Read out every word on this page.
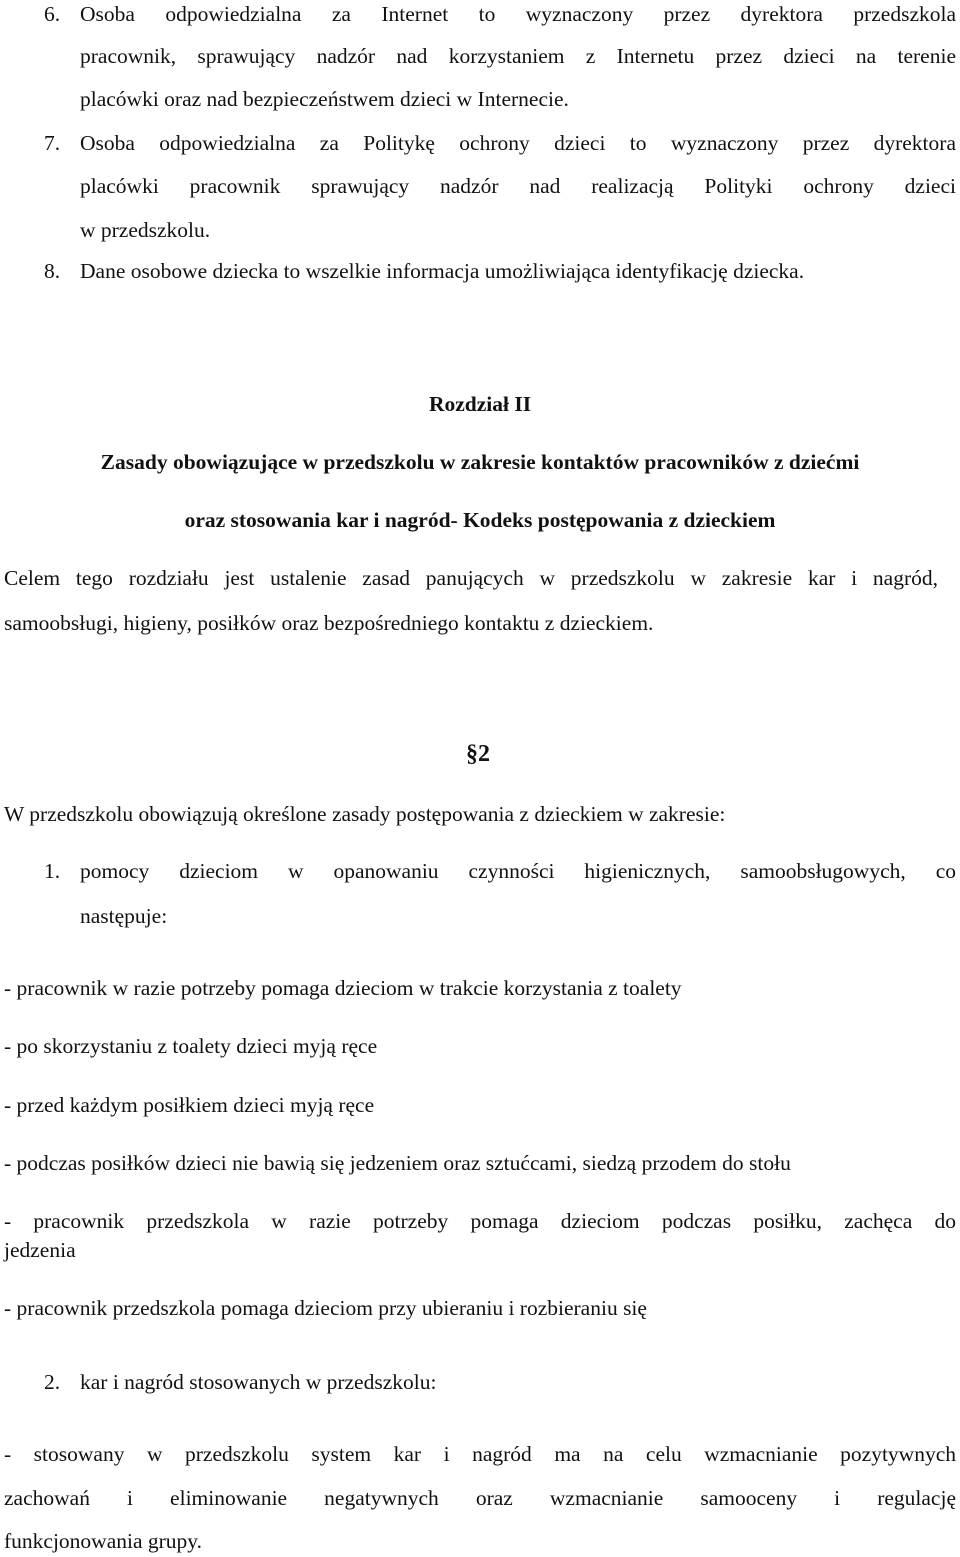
6. Osoba odpowiedzialna za Internet to wyznaczony przez dyrektora przedszkola
pracownik, sprawujący nadzór nad korzystaniem z Internetu przez dzieci na terenie
placówki oraz nad bezpieczeństwem dzieci w Internecie.
7. Osoba odpowiedzialna za Politykę ochrony dzieci to wyznaczony przez dyrektora
placówki pracownik sprawujący nadzór nad realizacją Polityki ochrony dzieci
w przedszkolu.
8. Dane osobowe dziecka to wszelkie informacja umożliwiająca identyfikację dziecka.
Rozdział II
Zasady obowiązujące w przedszkolu w zakresie kontaktów pracowników z dziećmi
oraz stosowania kar i nagród- Kodeks postępowania z dzieckiem
Celem tego rozdziału jest ustalenie zasad panujących w przedszkolu w zakresie kar i nagród,
samoobsługi, higieny, posiłków oraz bezpośredniego kontaktu z dzieckiem.
§2
W przedszkolu obowiązują określone zasady postępowania z dzieckiem w zakresie:
1. pomocy dzieciom w opanowaniu czynności higienicznych, samoobsługowych, co
następuje:
- pracownik w razie potrzeby pomaga dzieciom w trakcie korzystania z toalety
- po skorzystaniu z toalety dzieci myją ręce
- przed każdym posiłkiem dzieci myją ręce
- podczas posiłków dzieci nie bawią się jedzeniem oraz sztućcami, siedzą przodem do stołu
- pracownik przedszkola w razie potrzeby pomaga dzieciom podczas posiłku, zachęca do
jedzenia
- pracownik przedszkola pomaga dzieciom przy ubieraniu i rozbieraniu się
2. kar i nagród stosowanych w przedszkolu:
- stosowany w przedszkolu system kar i nagród ma na celu wzmacnianie pozytywnych
zachowań i eliminowanie negatywnych oraz wzmacnianie samooceny i regulację
funkcjonowania grupy.
